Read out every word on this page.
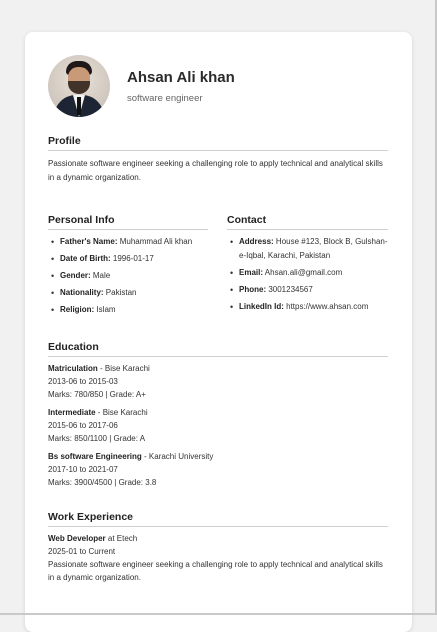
Ahsan Ali khan
software engineer
Profile
Passionate software engineer seeking a challenging role to apply technical and analytical skills in a dynamic organization.
Personal Info
• Father's Name: Muhammad Ali khan
• Date of Birth: 1996-01-17
• Gender: Male
• Nationality: Pakistan
• Religion: Islam
Contact
• Address: House #123, Block B, Gulshan-e-Iqbal, Karachi, Pakistan
• Email: Ahsan.ali@gmail.com
• Phone: 3001234567
• LinkedIn Id: https://www.ahsan.com
Education
Matriculation - Bise Karachi
2013-06 to 2015-03
Marks: 780/850 | Grade: A+
Intermediate - Bise Karachi
2015-06 to 2017-06
Marks: 850/1100 | Grade: A
Bs software Engineering - Karachi University
2017-10 to 2021-07
Marks: 3900/4500 | Grade: 3.8
Work Experience
Web Developer at Etech
2025-01 to Current
Passionate software engineer seeking a challenging role to apply technical and analytical skills in a dynamic organization.
